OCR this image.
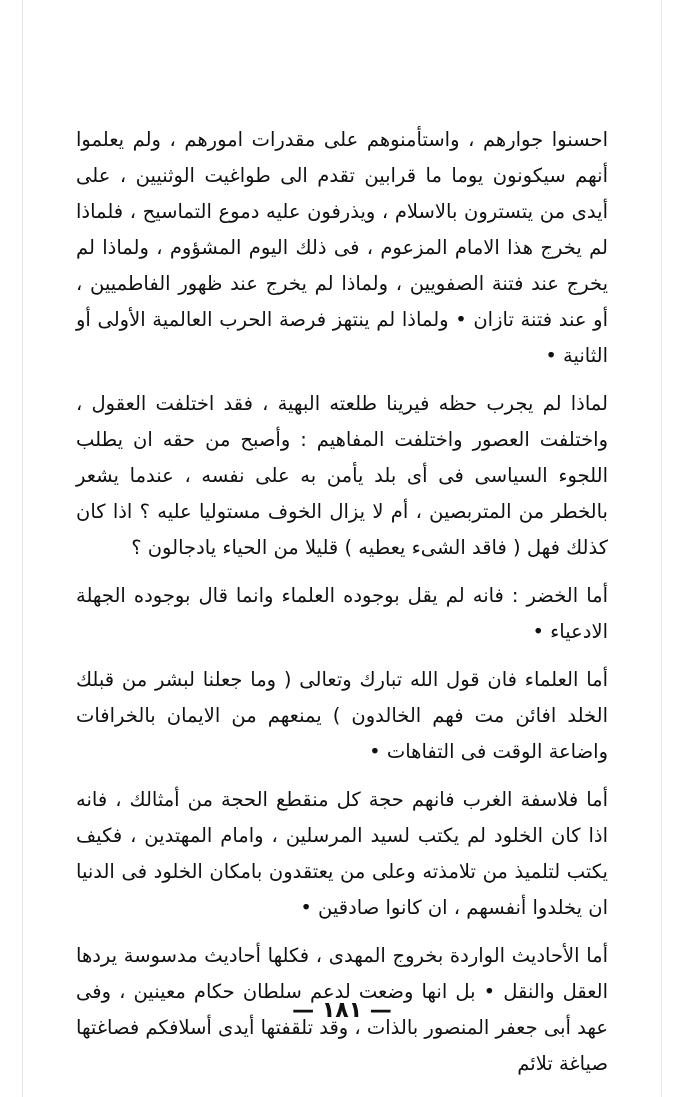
احسنوا جوارهم ، واستأمنوهم على مقدرات امورهم ، ولم يعلموا أنهم سيكونون يوما ما قرابين تقدم الى طواغيت الوثنيين ، على أيدى من يتسترون بالاسلام ، ويذرفون عليه دموع التماسيح ، فلماذا لم يخرج هذا الامام المزعوم ، فى ذلك اليوم المشؤوم ، ولماذا لم يخرج عند فتنة الصفويين ، ولماذا لم يخرج عند ظهور الفاطميين ، أو عند فتنة تازان • ولماذا لم ينتهز فرصة الحرب العالمية الأولى أو الثانية •

لماذا لم يجرب حظه فيرينا طلعته البهية ، فقد اختلفت العقول ، واختلفت العصور واختلفت المفاهيم : وأصبح من حقه ان يطلب اللجوء السياسى فى أى بلد يأمن به على نفسه ، عندما يشعر بالخطر من المتربصين ، أم لا يزال الخوف مستوليا عليه ؟ اذا كان كذلك فهل ( فاقد الشىء يعطيه ) قليلا من الحياء يادجالون ؟

أما الخضر : فانه لم يقل بوجوده العلماء وانما قال بوجوده الجهلة الادعياء •

أما العلماء فان قول الله تبارك وتعالى ( وما جعلنا لبشر من قبلك الخلد افائن مت فهم الخالدون ) يمنعهم من الايمان بالخرافات واضاعة الوقت فى التفاهات •

أما فلاسفة الغرب فانهم حجة كل منقطع الحجة من أمثالك ، فانه اذا كان الخلود لم يكتب لسيد المرسلين ، وامام المهتدين ، فكيف يكتب لتلميذ من تلامذته وعلى من يعتقدون بامكان الخلود فى الدنيا ان يخلدوا أنفسهم ، ان كانوا صادقين •

أما الأحاديث الواردة بخروج المهدى ، فكلها أحاديث مدسوسة يردها العقل والنقل • بل انها وضعت لدعم سلطان حكام معينين ، وفى عهد أبى جعفر المنصور بالذات ، وقد تلقفتها أيدى أسلافكم فصاغتها صياغة تلائم

— ١٨١ —
